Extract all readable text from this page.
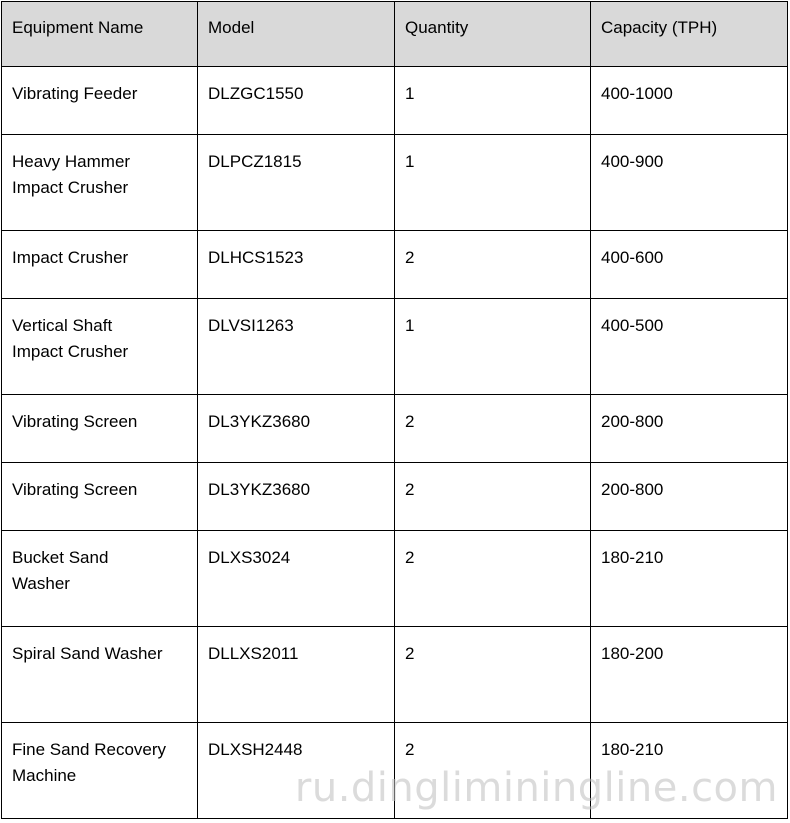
Equipment Name	Model	Quantity	Capacity (TPH)
Vibrating Feeder	DLZGC1550	1	400-1000
Heavy Hammer Impact Crusher	DLPCZ1815	1	400-900
Impact Crusher	DLHCS1523	2	400-600
Vertical Shaft Impact Crusher	DLVSI1263	1	400-500
Vibrating Screen	DL3YKZ3680	2	200-800
Vibrating Screen	DL3YKZ3680	2	200-800
Bucket Sand Washer	DLXS3024	2	180-210
Spiral Sand Washer	DLLXS2011	2	180-200
Fine Sand Recovery Machine	DLXSH2448	2	180-210
ru.dingliminingline.com
